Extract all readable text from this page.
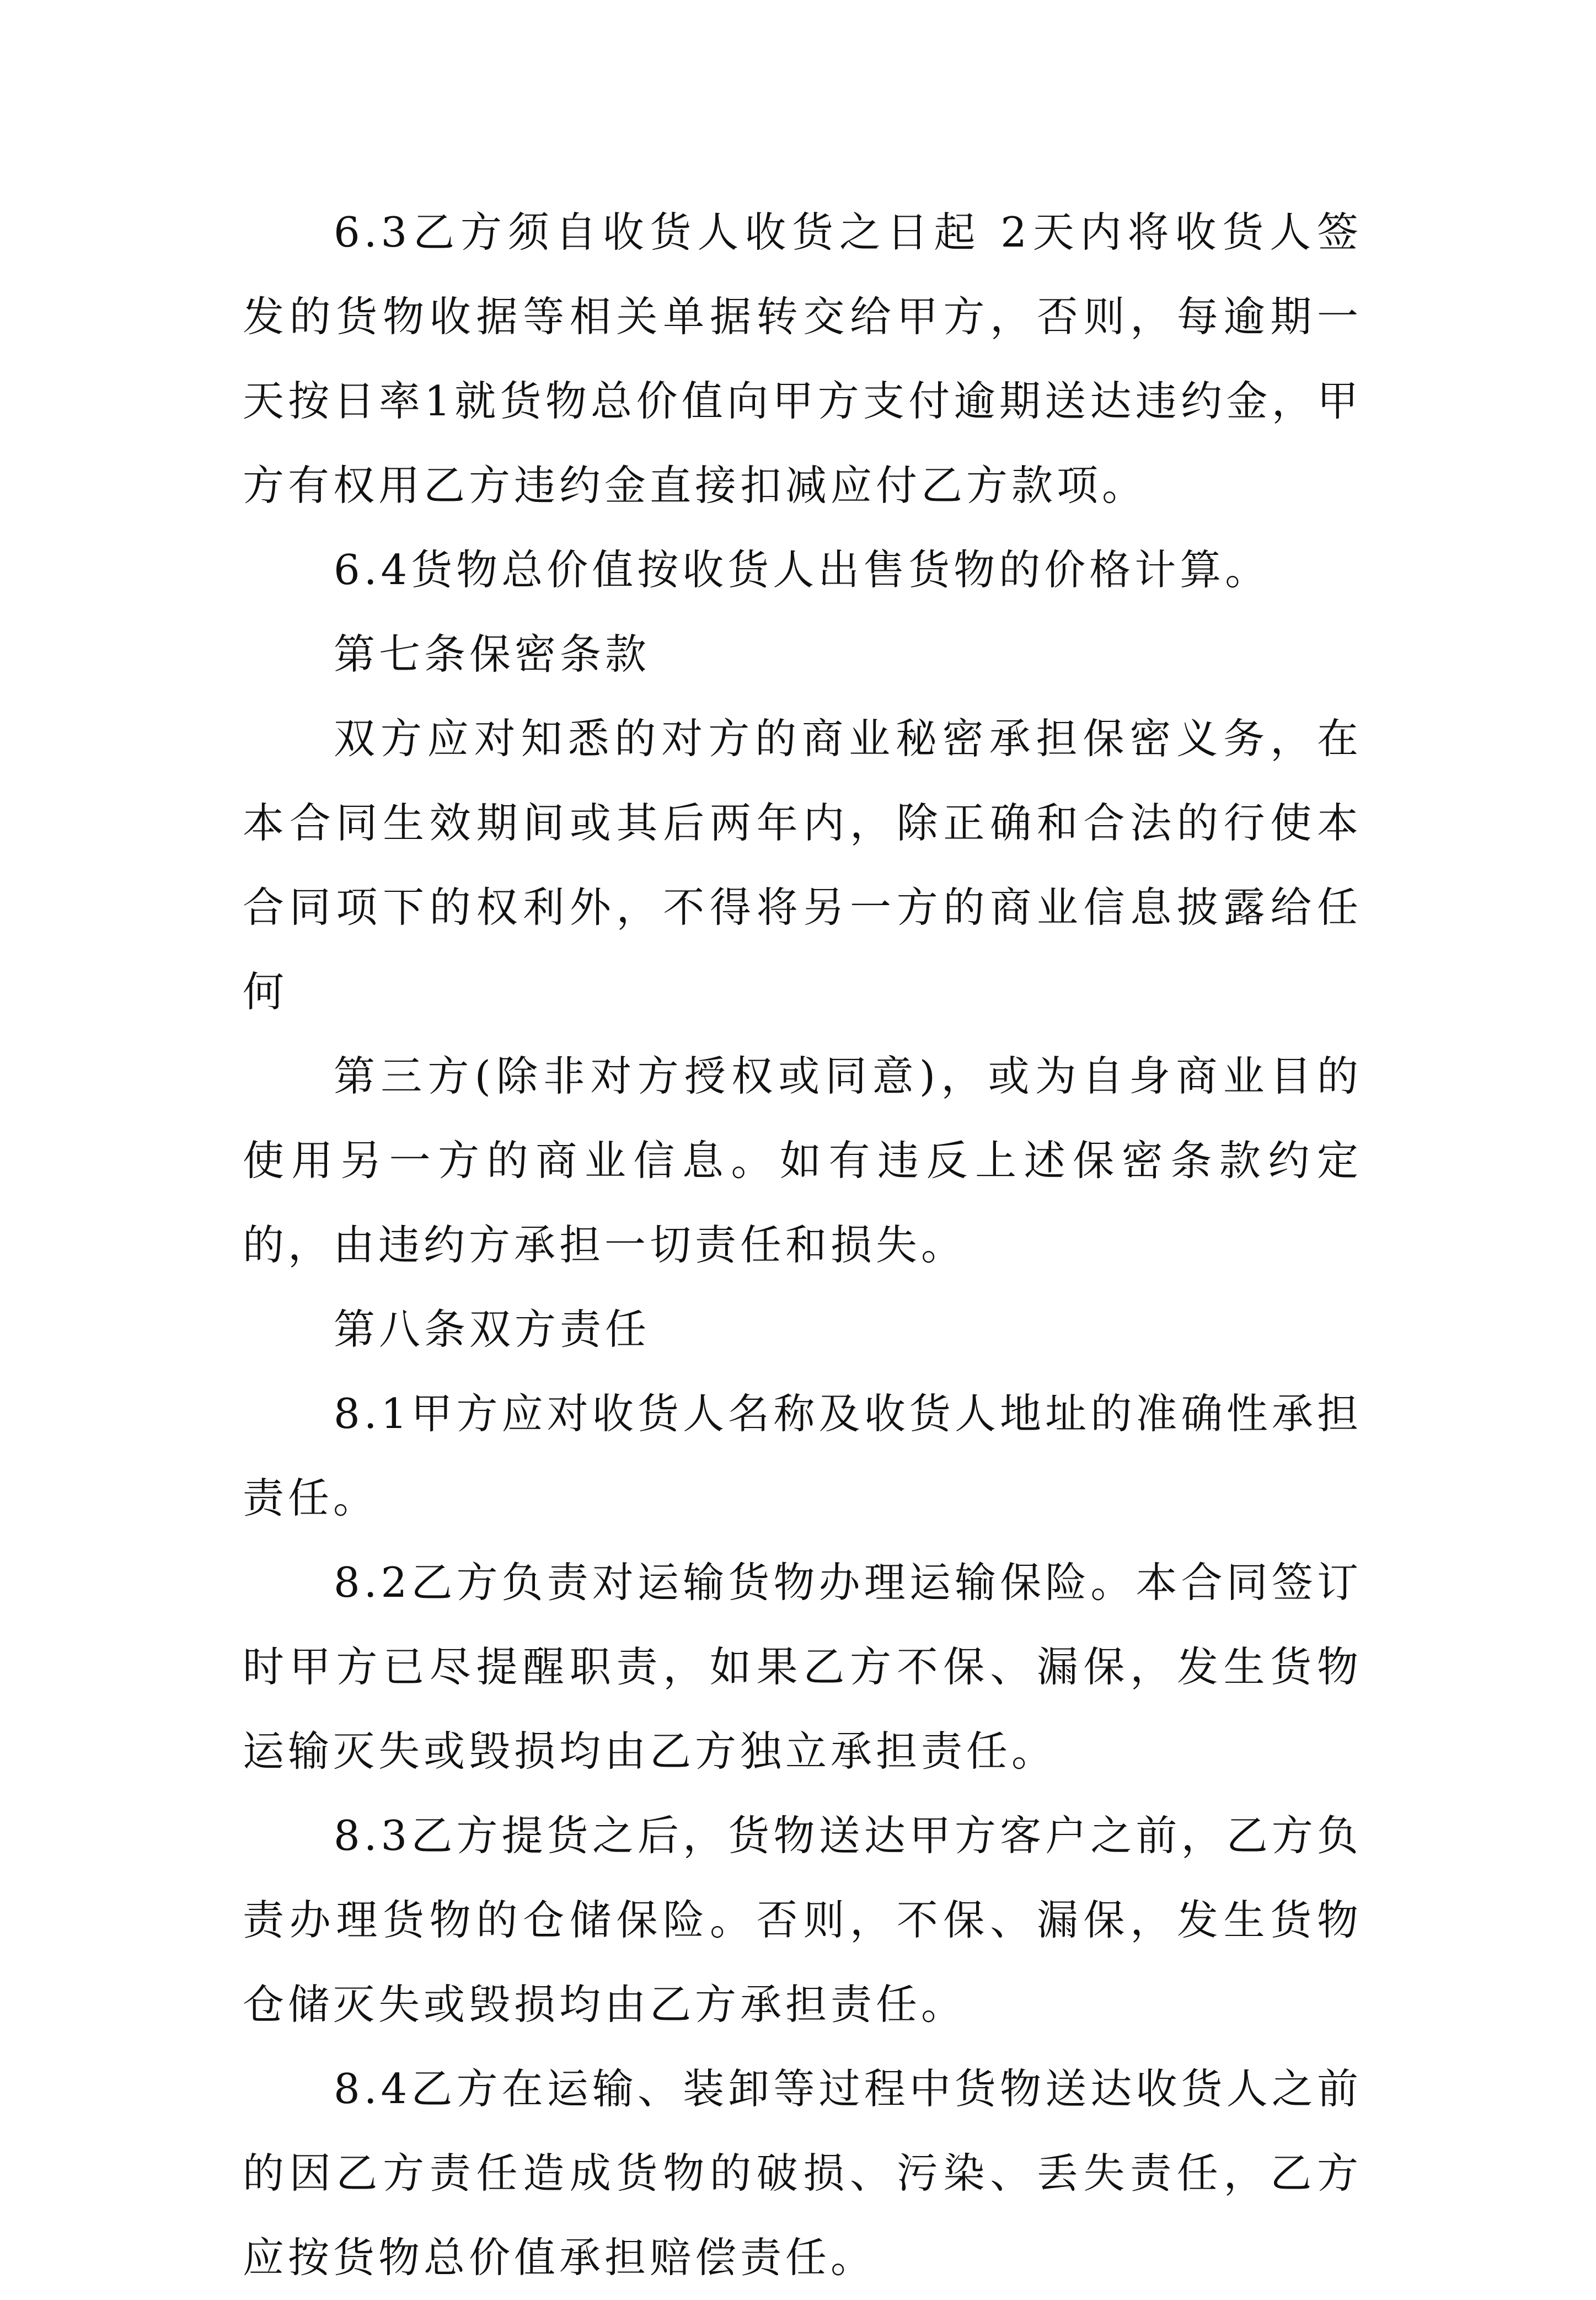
6.3乙方须自收货人收货之日起 2天内将收货人签发的货物收据等相关单据转交给甲方，否则，每逾期一天按日率1就货物总价值向甲方支付逾期送达违约金，甲方有权用乙方违约金直接扣减应付乙方款项。

6.4货物总价值按收货人出售货物的价格计算。

第七条保密条款

双方应对知悉的对方的商业秘密承担保密义务，在本合同生效期间或其后两年内，除正确和合法的行使本合同项下的权利外，不得将另一方的商业信息披露给任何

第三方(除非对方授权或同意)，或为自身商业目的使用另一方的商业信息。如有违反上述保密条款约定的，由违约方承担一切责任和损失。

第八条双方责任

8.1甲方应对收货人名称及收货人地址的准确性承担责任。

8.2乙方负责对运输货物办理运输保险。本合同签订时甲方已尽提醒职责，如果乙方不保、漏保，发生货物运输灭失或毁损均由乙方独立承担责任。

8.3乙方提货之后，货物送达甲方客户之前，乙方负责办理货物的仓储保险。否则，不保、漏保，发生货物仓储灭失或毁损均由乙方承担责任。

8.4乙方在运输、装卸等过程中货物送达收货人之前的因乙方责任造成货物的破损、污染、丢失责任，乙方应按货物总价值承担赔偿责任。
